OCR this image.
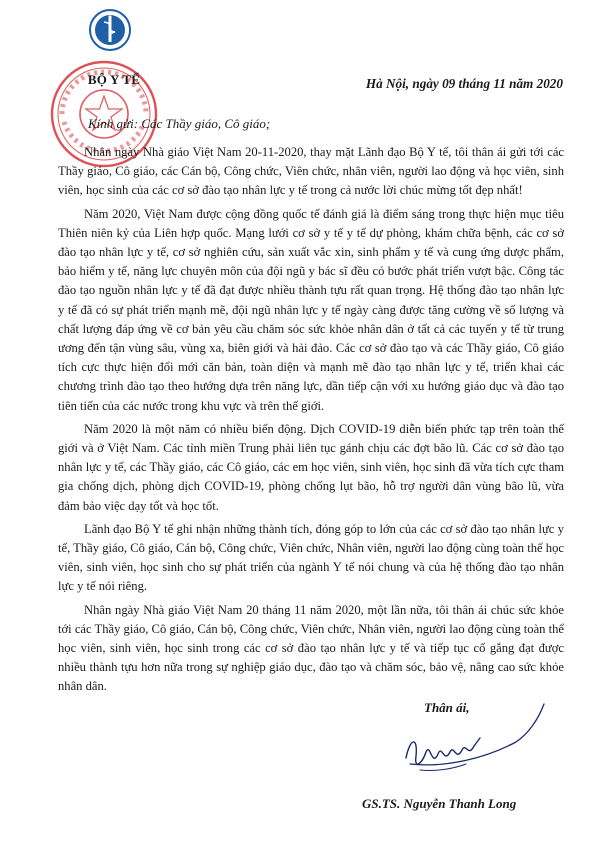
BỘ Y TẾ	Hà Nội, ngày 09 tháng 11 năm 2020
Kính gửi: Các Thầy giáo, Cô giáo;

Nhân ngày Nhà giáo Việt Nam 20-11-2020, thay mặt Lãnh đạo Bộ Y tế, tôi thân ái gửi tới các Thầy giáo, Cô giáo, các Cán bộ, Công chức, Viên chức, nhân viên, người lao động và học viên, sinh viên, học sinh của các cơ sở đào tạo nhân lực y tế trong cả nước lời chúc mừng tốt đẹp nhất!

Năm 2020, Việt Nam được cộng đồng quốc tế đánh giá là điểm sáng trong thực hiện mục tiêu Thiên niên kỷ của Liên hợp quốc. Mạng lưới cơ sở y tế y tế dự phòng, khám chữa bệnh, các cơ sở đào tạo nhân lực y tế, cơ sở nghiên cứu, sản xuất vắc xin, sinh phẩm y tế và cung ứng dược phẩm, bảo hiểm y tế, năng lực chuyên môn của đội ngũ y bác sĩ đều có bước phát triển vượt bậc. Công tác đào tạo nguồn nhân lực y tế đã đạt được nhiều thành tựu rất quan trọng. Hệ thống đào tạo nhân lực y tế đã có sự phát triển mạnh mẽ, đội ngũ nhân lực y tế ngày càng được tăng cường về số lượng và chất lượng đáp ứng về cơ bản yêu cầu chăm sóc sức khỏe nhân dân ở tất cả các tuyến y tế từ trung ương đến tận vùng sâu, vùng xa, biên giới và hải đảo. Các cơ sở đào tạo và các Thầy giáo, Cô giáo tích cực thực hiện đổi mới căn bản, toàn diện và mạnh mẽ đào tạo nhân lực y tế, triển khai các chương trình đào tạo theo hướng dựa trên năng lực, dần tiếp cận với xu hướng giáo dục và đào tạo tiên tiến của các nước trong khu vực và trên thế giới.

Năm 2020 là một năm có nhiều biến động. Dịch COVID-19 diễn biến phức tạp trên toàn thế giới và ở Việt Nam. Các tỉnh miền Trung phải liên tục gánh chịu các đợt bão lũ. Các cơ sở đào tạo nhân lực y tế, các Thầy giáo, các Cô giáo, các em học viên, sinh viên, học sinh đã vừa tích cực tham gia chống dịch, phòng dịch COVID-19, phòng chống lụt bão, hỗ trợ người dân vùng bão lũ, vừa đảm bảo việc dạy tốt và học tốt.

Lãnh đạo Bộ Y tế ghi nhận những thành tích, đóng góp to lớn của các cơ sở đào tạo nhân lực y tế, Thầy giáo, Cô giáo, Cán bộ, Công chức, Viên chức, Nhân viên, người lao động cùng toàn thể học viên, sinh viên, học sinh cho sự phát triển của ngành Y tế nói chung và của hệ thống đào tạo nhân lực y tế nói riêng.

Nhân ngày Nhà giáo Việt Nam 20 tháng 11 năm 2020, một lần nữa, tôi thân ái chúc sức khỏe tới các Thầy giáo, Cô giáo, Cán bộ, Công chức, Viên chức, Nhân viên, người lao động cùng toàn thể học viên, sinh viên, học sinh trong các cơ sở đào tạo nhân lực y tế và tiếp tục cố gắng đạt được nhiều thành tựu hơn nữa trong sự nghiệp giáo dục, đào tạo và chăm sóc, bảo vệ, nâng cao sức khỏe nhân dân.

Thân ái,
GS.TS. Nguyễn Thanh Long
